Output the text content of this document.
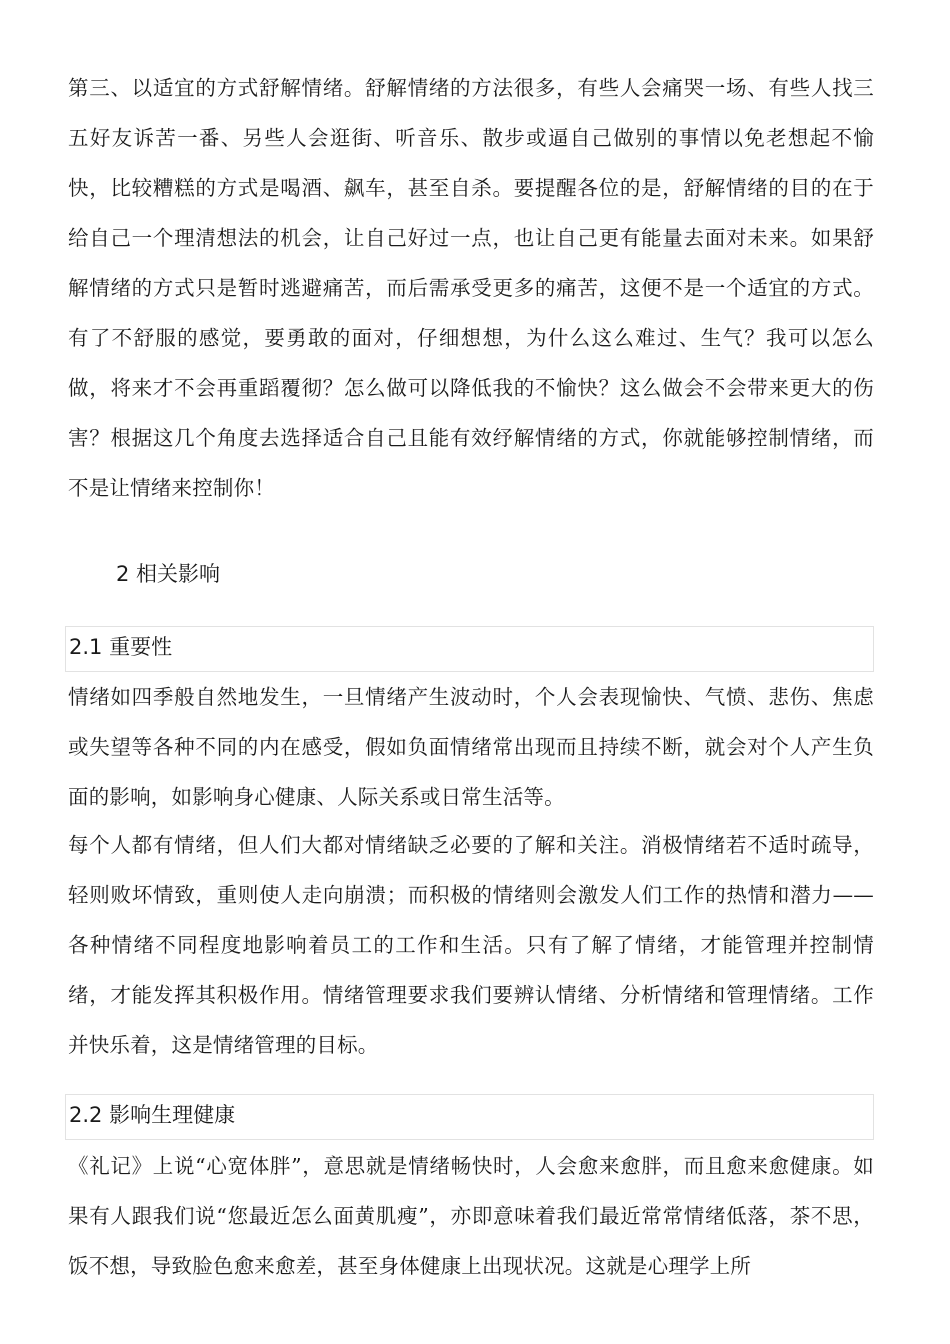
第三、以适宜的方式舒解情绪。舒解情绪的方法很多，有些人会痛哭一场、有些人找三五好友诉苦一番、另些人会逛街、听音乐、散步或逼自己做别的事情以免老想起不愉快，比较糟糕的方式是喝酒、飙车，甚至自杀。要提醒各位的是，舒解情绪的目的在于给自己一个理清想法的机会，让自己好过一点，也让自己更有能量去面对未来。如果舒解情绪的方式只是暂时逃避痛苦，而后需承受更多的痛苦，这便不是一个适宜的方式。有了不舒服的感觉，要勇敢的面对，仔细想想，为什么这么难过、生气？我可以怎么做，将来才不会再重蹈覆彻？怎么做可以降低我的不愉快？这么做会不会带来更大的伤害？根据这几个角度去选择适合自己且能有效纾解情绪的方式，你就能够控制情绪，而不是让情绪来控制你！

2 相关影响

2.1 重要性

情绪如四季般自然地发生，一旦情绪产生波动时，个人会表现愉快、气愤、悲伤、焦虑或失望等各种不同的内在感受，假如负面情绪常出现而且持续不断，就会对个人产生负面的影响，如影响身心健康、人际关系或日常生活等。

每个人都有情绪，但人们大都对情绪缺乏必要的了解和关注。消极情绪若不适时疏导，轻则败坏情致，重则使人走向崩溃；而积极的情绪则会激发人们工作的热情和潜力——各种情绪不同程度地影响着员工的工作和生活。只有了解了情绪，才能管理并控制情绪，才能发挥其积极作用。情绪管理要求我们要辨认情绪、分析情绪和管理情绪。工作并快乐着，这是情绪管理的目标。

2.2 影响生理健康

《礼记》上说“心宽体胖”，意思就是情绪畅快时，人会愈来愈胖，而且愈来愈健康。如果有人跟我们说“您最近怎么面黄肌瘦”，亦即意味着我们最近常常情绪低落，茶不思，饭不想，导致脸色愈来愈差，甚至身体健康上出现状况。这就是心理学上所
